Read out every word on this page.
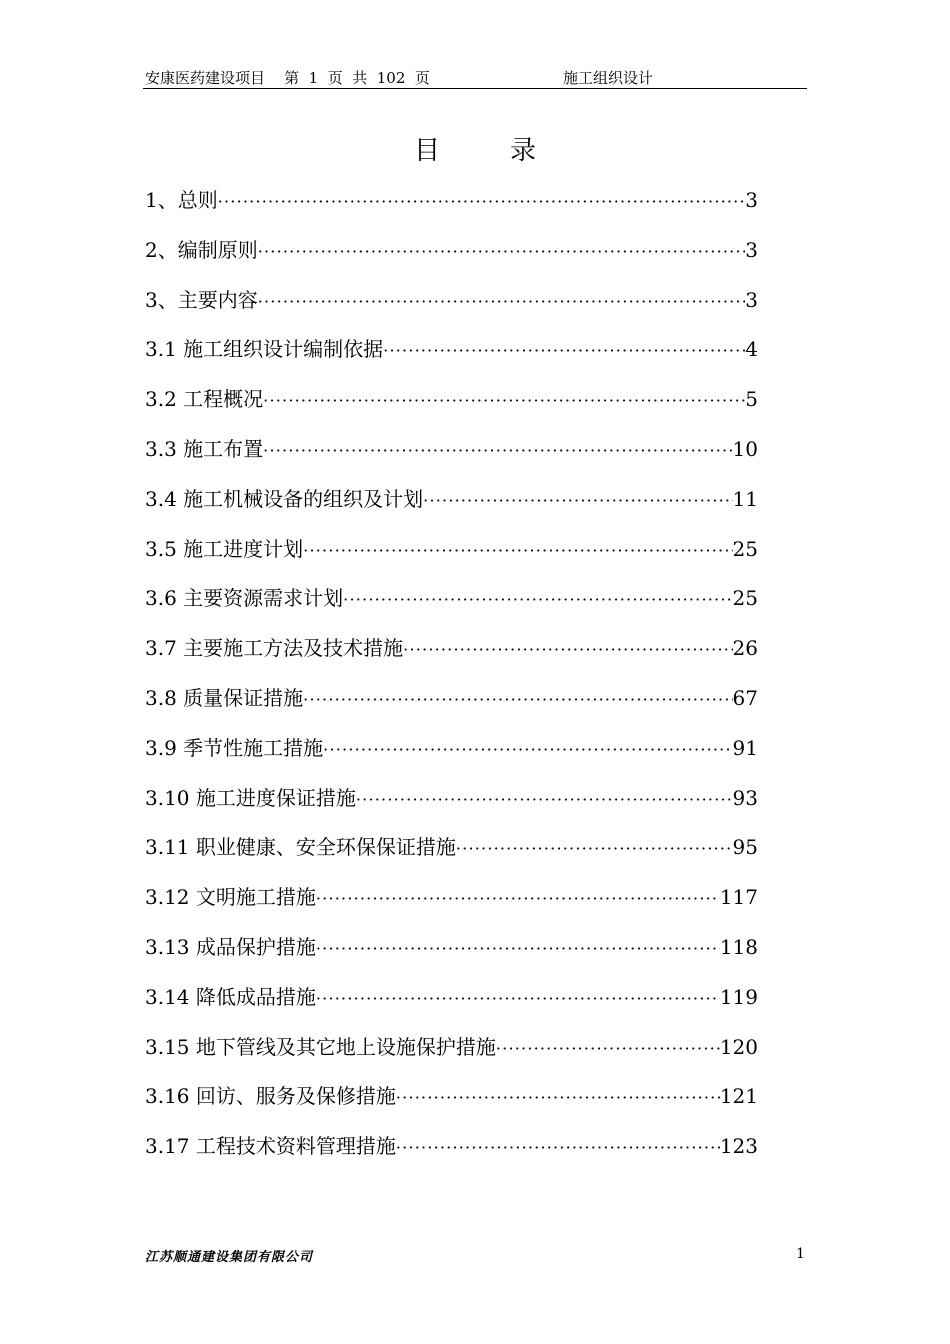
安康医药建设项目    第  1  页  共  102  页	施工组织设计
目	录
1、总则 ·····	3
2、编制原则 ·····	3
3、主要内容 ·····	3
3.1 施工组织设计编制依据 ·····	4
3.2 工程概况 ·····	5
3.3 施工布置 ·····	10
3.4 施工机械设备的组织及计划 ·····	11
3.5 施工进度计划 ·····	25
3.6 主要资源需求计划 ·····	25
3.7 主要施工方法及技术措施 ·····	26
3.8 质量保证措施 ·····	67
3.9 季节性施工措施 ·····	91
3.10 施工进度保证措施 ·····	93
3.11 职业健康、安全环保保证措施 ·····	95
3.12 文明施工措施 ·····	117
3.13 成品保护措施 ·····	118
3.14 降低成品措施 ·····	119
3.15 地下管线及其它地上设施保护措施 ·····	120
3.16 回访、服务及保修措施 ·····	121
3.17 工程技术资料管理措施 ·····	123
江苏顺通建设集团有限公司	1
